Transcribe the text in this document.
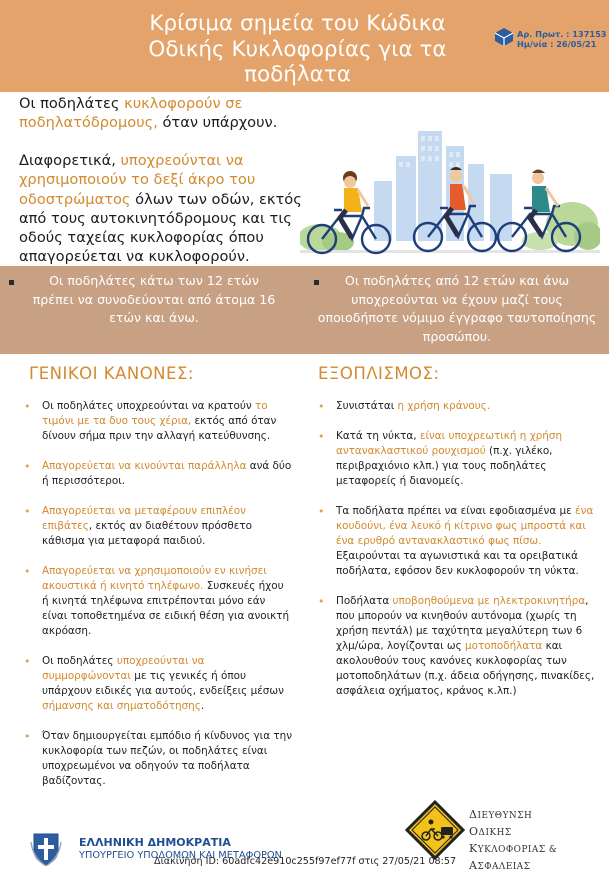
Κρίσιμα σημεία του Κώδικα
Οδικής Κυκλοφορίας για τα
ποδήλατα
Αρ. Πρωτ. : 137153
Ημ/νία : 26/05/21
Οι ποδηλάτες κυκλοφορούν σε ποδηλατόδρομους, όταν υπάρχουν.
Διαφορετικά, υποχρεούνται να χρησιμοποιούν το δεξί άκρο του οδοστρώματος όλων των οδών, εκτός από τους αυτοκινητόδρομους και τις οδούς ταχείας κυκλοφορίας όπου απαγορεύεται να κυκλοφορούν.
Οι ποδηλάτες κάτω των 12 ετών
πρέπει να συνοδεύονται από άτομα 16 ετών και άνω.
Οι ποδηλάτες από 12 ετών και άνω
υποχρεούνται να έχουν μαζί τους οποιοδήποτε νόμιμο έγγραφο ταυτοποίησης προσώπου.
ΓΕΝΙΚΟΙ ΚΑΝΟΝΕΣ:	ΕΞΟΠΛΙΣΜΟΣ:
• Οι ποδηλάτες υποχρεούνται να κρατούν το τιμόνι με τα δυο τους χέρια, εκτός από όταν δίνουν σήμα πριν την αλλαγή κατεύθυνσης.
• Απαγορεύεται να κινούνται παράλληλα ανά δύο ή περισσότεροι.
• Απαγορεύεται να μεταφέρουν επιπλέον επιβάτες, εκτός αν διαθέτουν πρόσθετο κάθισμα για μεταφορά παιδιού.
• Απαγορεύεται να χρησιμοποιούν εν κινήσει ακουστικά ή κινητό τηλέφωνο. Συσκευές ήχου ή κινητά τηλέφωνα επιτρέπονται μόνο εάν είναι τοποθετημένα σε ειδική θέση για ανοικτή ακρόαση.
• Οι ποδηλάτες υποχρεούνται να συμμορφώνονται με τις γενικές ή όπου υπάρχουν ειδικές για αυτούς, ενδείξεις μέσων σήμανσης και σηματοδότησης.
• Όταν δημιουργείται εμπόδιο ή κίνδυνος για την κυκλοφορία των πεζών, οι ποδηλάτες είναι υποχρεωμένοι να οδηγούν τα ποδήλατα βαδίζοντας.
• Συνιστάται η χρήση κράνους.
• Κατά τη νύκτα, είναι υποχρεωτική η χρήση αντανακλαστικού ρουχισμού (π.χ. γιλέκο, περιβραχιόνιο κλπ.) για τους ποδηλάτες μεταφορείς ή διανομείς.
• Τα ποδήλατα πρέπει να είναι εφοδιασμένα με ένα κουδούνι, ένα λευκό ή κίτρινο φως μπροστά και ένα ερυθρό αντανακλαστικό φως πίσω. Εξαιρούνται τα αγωνιστικά και τα ορειβατικά ποδήλατα, εφόσον δεν κυκλοφορούν τη νύκτα.
• Ποδήλατα υποβοηθούμενα με ηλεκτροκινητήρα, που μπορούν να κινηθούν αυτόνομα (χωρίς τη χρήση πεντάλ) με ταχύτητα μεγαλύτερη των 6 χλμ/ώρα, λογίζονται ως μοτοποδήλατα και ακολουθούν τους κανόνες κυκλοφορίας των μοτοποδηλάτων (π.χ. άδεια οδήγησης, πινακίδες, ασφάλεια οχήματος, κράνος κ.λπ.)
ΕΛΛΗΝΙΚΗ ΔΗΜΟΚΡΑΤΙΑ
ΥΠΟΥΡΓΕΙΟ ΥΠΟΔΟΜΩΝ ΚΑΙ ΜΕΤΑΦΟΡΩΝ
Διακίνηση ID: 60adfc42e910c255f97ef77f στις 27/05/21 08:57
ΔΙΕΥΘΥΝΣΗ
ΟΔΙΚΗΣ
ΚΥΚΛΟΦΟΡΙΑΣ &
ΑΣΦΑΛΕΙΑΣ
